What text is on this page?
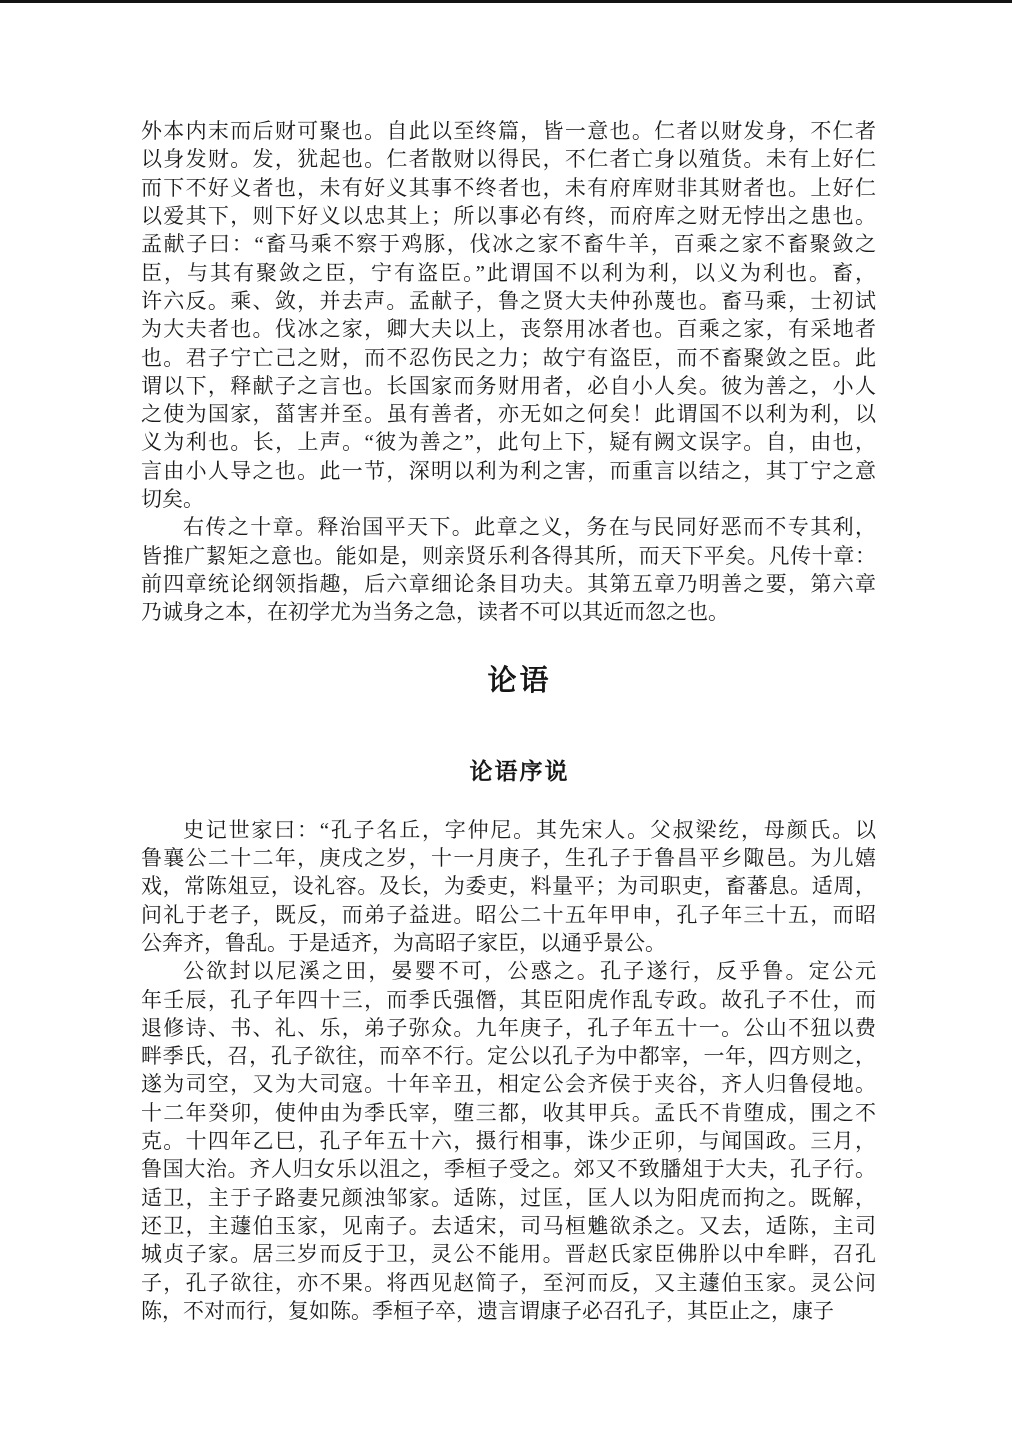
外本内末而后财可聚也。自此以至终篇，皆一意也。仁者以财发身，不仁者
以身发财。发，犹起也。仁者散财以得民，不仁者亡身以殖货。未有上好仁
而下不好义者也，未有好义其事不终者也，未有府库财非其财者也。上好仁
以爱其下，则下好义以忠其上；所以事必有终，而府库之财无悖出之患也。
孟献子曰：“畜马乘不察于鸡豚，伐冰之家不畜牛羊，百乘之家不畜聚敛之
臣，与其有聚敛之臣，宁有盗臣。”此谓国不以利为利，以义为利也。畜，
许六反。乘、敛，并去声。孟献子，鲁之贤大夫仲孙蔑也。畜马乘，士初试
为大夫者也。伐冰之家，卿大夫以上，丧祭用冰者也。百乘之家，有采地者
也。君子宁亡己之财，而不忍伤民之力；故宁有盗臣，而不畜聚敛之臣。此
谓以下，释献子之言也。长国家而务财用者，必自小人矣。彼为善之，小人
之使为国家，菑害并至。虽有善者，亦无如之何矣！此谓国不以利为利，以
义为利也。长，上声。“彼为善之”，此句上下，疑有阙文误字。自，由也，
言由小人导之也。此一节，深明以利为利之害，而重言以结之，其丁宁之意
切矣。
右传之十章。释治国平天下。此章之义，务在与民同好恶而不专其利，
皆推广絜矩之意也。能如是，则亲贤乐利各得其所，而天下平矣。凡传十章：
前四章统论纲领指趣，后六章细论条目功夫。其第五章乃明善之要，第六章
乃诚身之本，在初学尤为当务之急，读者不可以其近而忽之也。
论语
论语序说
史记世家曰：“孔子名丘，字仲尼。其先宋人。父叔梁纥，母颜氏。以
鲁襄公二十二年，庚戌之岁，十一月庚子，生孔子于鲁昌平乡陬邑。为儿嬉
戏，常陈俎豆，设礼容。及长，为委吏，料量平；为司职吏，畜蕃息。适周，
问礼于老子，既反，而弟子益进。昭公二十五年甲申，孔子年三十五，而昭
公奔齐，鲁乱。于是适齐，为高昭子家臣，以通乎景公。
公欲封以尼溪之田，晏婴不可，公惑之。孔子遂行，反乎鲁。定公元
年壬辰，孔子年四十三，而季氏强僭，其臣阳虎作乱专政。故孔子不仕，而
退修诗、书、礼、乐，弟子弥众。九年庚子，孔子年五十一。公山不狃以费
畔季氏，召，孔子欲往，而卒不行。定公以孔子为中都宰，一年，四方则之，
遂为司空，又为大司寇。十年辛丑，相定公会齐侯于夹谷，齐人归鲁侵地。
十二年癸卯，使仲由为季氏宰，堕三都，收其甲兵。孟氏不肯堕成，围之不
克。十四年乙巳，孔子年五十六，摄行相事，诛少正卯，与闻国政。三月，
鲁国大治。齐人归女乐以沮之，季桓子受之。郊又不致膰俎于大夫，孔子行。
适卫，主于子路妻兄颜浊邹家。适陈，过匡，匡人以为阳虎而拘之。既解，
还卫，主蘧伯玉家，见南子。去适宋，司马桓魋欲杀之。又去，适陈，主司
城贞子家。居三岁而反于卫，灵公不能用。晋赵氏家臣佛肸以中牟畔，召孔
子，孔子欲往，亦不果。将西见赵简子，至河而反，又主蘧伯玉家。灵公问
陈，不对而行，复如陈。季桓子卒，遗言谓康子必召孔子，其臣止之，康子
